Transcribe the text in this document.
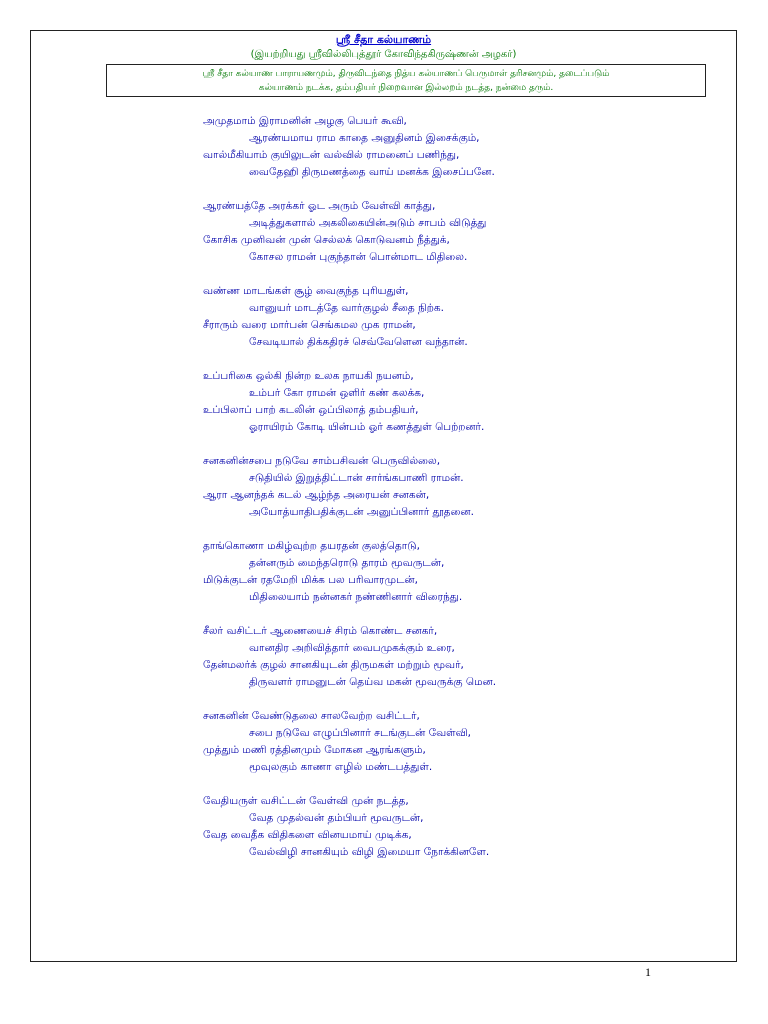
ஸ்ரீ சீதா கல்யாணம்
(இயற்றியது ஸ்ரீவில்லிபுத்தூர் கோவிந்தகிருஷ்ணன் அழகர்)
ஸ்ரீ சீதா கல்யாண பாராயணமும், திருவிடந்தை நித்ய கல்யாணப் பெருமாள் தரிசனமும், தடைப்படும்
கல்யாணம் நடக்க, தம்பதியர் நிறைவான இல்லறம் நடத்த, நன்மை தரும்.
அமுதமாம் இராமனின் அழகு பெயர் கூவி,
ஆரண்யமாய ராம காதை அனுதினம் இசைக்கும்,
வால்மீகியாம் குயிலுடன் வல்வில் ராமனைப் பணிந்து,
வைதேஹி திருமணத்தை வாய் மனக்க இசைப்பனே.
ஆரண்யத்தே அரக்கர் ஓட அரும் வேள்வி காத்து,
அடித்துகளால் அகலிகையின்அடும் சாபம் விடுத்து
கோசிக முனிவன் முன் செல்லக் கொடுவனம் நீத்துக்,
கோசல ராமன் புகுந்தான் பொன்மாட மிதிலை.
வண்ண மாடங்கள் சூழ் வைகுந்த புரியதுள்,
வானுயர் மாடத்தே வார்குழல் சீதை நிற்க.
சீராரும் வரை மார்பன் செங்கமல முக ராமன்,
சேவடியால் திக்கதிரச் செவ்வேளென வந்தான்.
உப்பரிகை ஒல்கி நின்ற உலக நாயகி நயனம்,
உம்பர் கோ ராமன் ஒளிர் கண் கலக்க,
உப்பிலாப் பாற் கடலின் ஒப்பிலாத் தம்பதியர்,
ஓராயிரம் கோடி யின்பம் ஓர் கணத்துள் பெற்றனர்.
சனகனின்சபை நடுவே சாம்பசிவன் பெருவில்லை,
சடுதியில் இறுத்திட்டான் சார்ங்கபாணி ராமன்.
ஆரா ஆனந்தக் கடல் ஆழ்ந்த அரையன் சனகன்,
அயோத்யாதிபதிக்குடன் அனுப்பினார் தூதனை.
தாங்கொணா மகிழ்வுற்ற தயரதன் குலத்தொடு,
தன்னரும் மைந்தரொடு தாரம் மூவருடன்,
மிடுக்குடன் ரதமேறி மிக்க பல பரிவாரமுடன்,
மிதிலையாம் நன்னகர் நண்ணினார் விரைந்து.
சீலர் வசிட்டர் ஆணையைச் சிரம் கொண்ட சனகர்,
வானதிர அறிவித்தார் வைபமுகக்கும் உரை,
தேன்மலர்க் குழல் சானகியுடன் திருமகள் மற்றும் மூவர்,
திருவளர் ராமனுடன் தெய்வ மகன் மூவருக்கு மென.
சனகனின் வேண்டுதலை சாலவேற்ற வசிட்டர்,
சபை நடுவே எழுப்பினார் சடங்குடன் வேள்வி,
முத்தும் மணி ரத்தினமும் மோகன ஆரங்களும்,
மூவுலகும் காணா எழில் மண்டபத்துள்.
வேதியருள் வசிட்டன் வேள்வி முன் நடத்த,
வேத முதல்வன் தம்பியர் மூவருடன்,
வேத வைதீக விதிகளை வினயமாய் முடிக்க,
வேல்விழி சானகியும் விழி இமையா நோக்கினளே.
1
